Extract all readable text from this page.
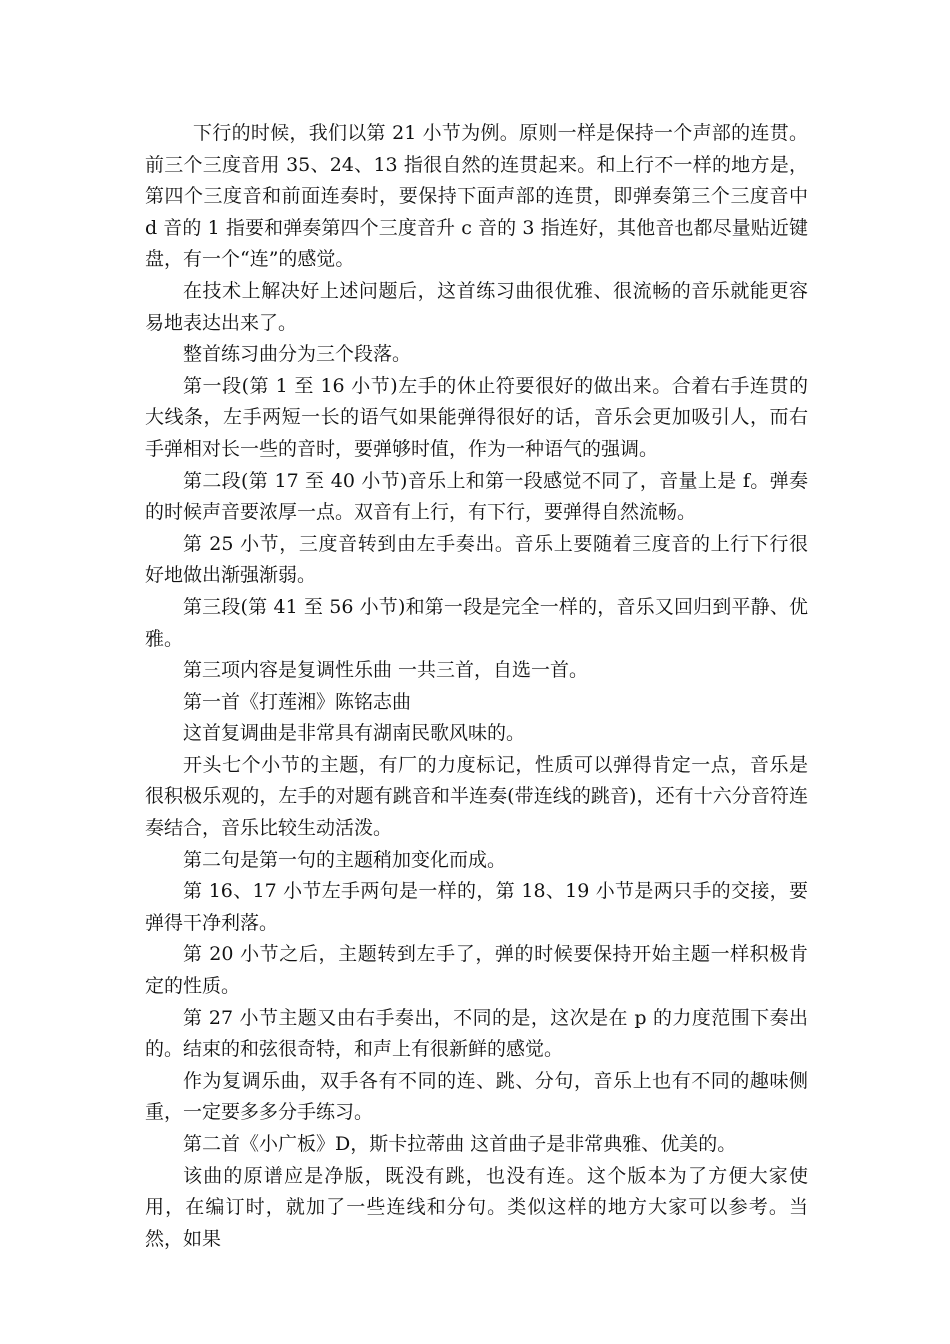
下行的时候，我们以第 21 小节为例。原则一样是保持一个声部的连贯。前三个三度音用 35、24、13 指很自然的连贯起来。和上行不一样的地方是，第四个三度音和前面连奏时，要保持下面声部的连贯，即弹奏第三个三度音中 d 音的 1 指要和弹奏第四个三度音升 c 音的 3 指连好，其他音也都尽量贴近键盘，有一个“连”的感觉。

在技术上解决好上述问题后，这首练习曲很优雅、很流畅的音乐就能更容易地表达出来了。

整首练习曲分为三个段落。

第一段(第 1 至 16 小节)左手的休止符要很好的做出来。合着右手连贯的大线条，左手两短一长的语气如果能弹得很好的话，音乐会更加吸引人，而右手弹相对长一些的音时，要弹够时值，作为一种语气的强调。

第二段(第 17 至 40 小节)音乐上和第一段感觉不同了，音量上是 f。弹奏的时候声音要浓厚一点。双音有上行，有下行，要弹得自然流畅。

第 25 小节，三度音转到由左手奏出。音乐上要随着三度音的上行下行很好地做出渐强渐弱。

第三段(第 41 至 56 小节)和第一段是完全一样的，音乐又回归到平静、优雅。

第三项内容是复调性乐曲 一共三首，自选一首。

第一首《打莲湘》陈铭志曲

这首复调曲是非常具有湖南民歌风味的。

开头七个小节的主题，有厂的力度标记，性质可以弹得肯定一点，音乐是很积极乐观的，左手的对题有跳音和半连奏(带连线的跳音)，还有十六分音符连奏结合，音乐比较生动活泼。

第二句是第一句的主题稍加变化而成。

第 16、17 小节左手两句是一样的，第 18、19 小节是两只手的交接，要弹得干净利落。

第 20 小节之后，主题转到左手了，弹的时候要保持开始主题一样积极肯定的性质。

第 27 小节主题又由右手奏出，不同的是，这次是在 p 的力度范围下奏出的。结束的和弦很奇特，和声上有很新鲜的感觉。

作为复调乐曲，双手各有不同的连、跳、分句，音乐上也有不同的趣味侧重，一定要多多分手练习。

第二首《小广板》D，斯卡拉蒂曲 这首曲子是非常典雅、优美的。

该曲的原谱应是净版，既没有跳，也没有连。这个版本为了方便大家使用，在编订时，就加了一些连线和分句。类似这样的地方大家可以参考。当然，如果
